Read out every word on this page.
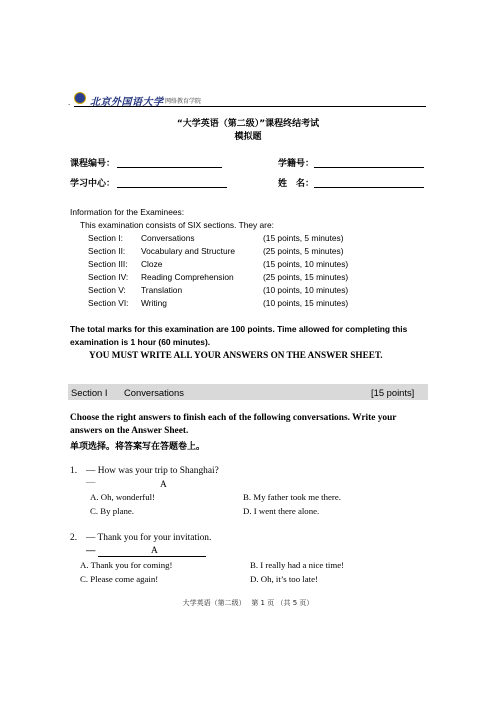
. 北京外国语大学 网络教育学院
“大学英语（第二级）”课程终结考试
模拟题
课程编号：	学籍号：
学习中心：	姓　名：
Information for the Examinees:
This examination consists of SIX sections. They are:
Section I: Conversations	(15 points, 5 minutes)
Section II: Vocabulary and Structure	(25 points, 5 minutes)
Section III: Cloze	(15 points, 10 minutes)
Section IV: Reading Comprehension	(25 points, 15 minutes)
Section V: Translation	(10 points, 10 minutes)
Section VI: Writing	(10 points, 15 minutes)
The total marks for this examination are 100 points. Time allowed for completing this
examination is 1 hour (60 minutes).
YOU MUST WRITE ALL YOUR ANSWERS ON THE ANSWER SHEET.
Section I Conversations	[15 points]
Choose the right answers to finish each of the following conversations. Write your
answers on the Answer Sheet.
单项选择。将答案写在答题卷上。
1. — How was your trip to Shanghai?
—	A
A. Oh, wonderful!	B. My father took me there.
C. By plane.	D. I went there alone.
2. — Thank you for your invitation.
—	A
A. Thank you for coming!	B. I really had a nice time!
C. Please come again!	D. Oh, it’s too late!
大学英语（第二级）　 第 1 页 （共 5 页）
